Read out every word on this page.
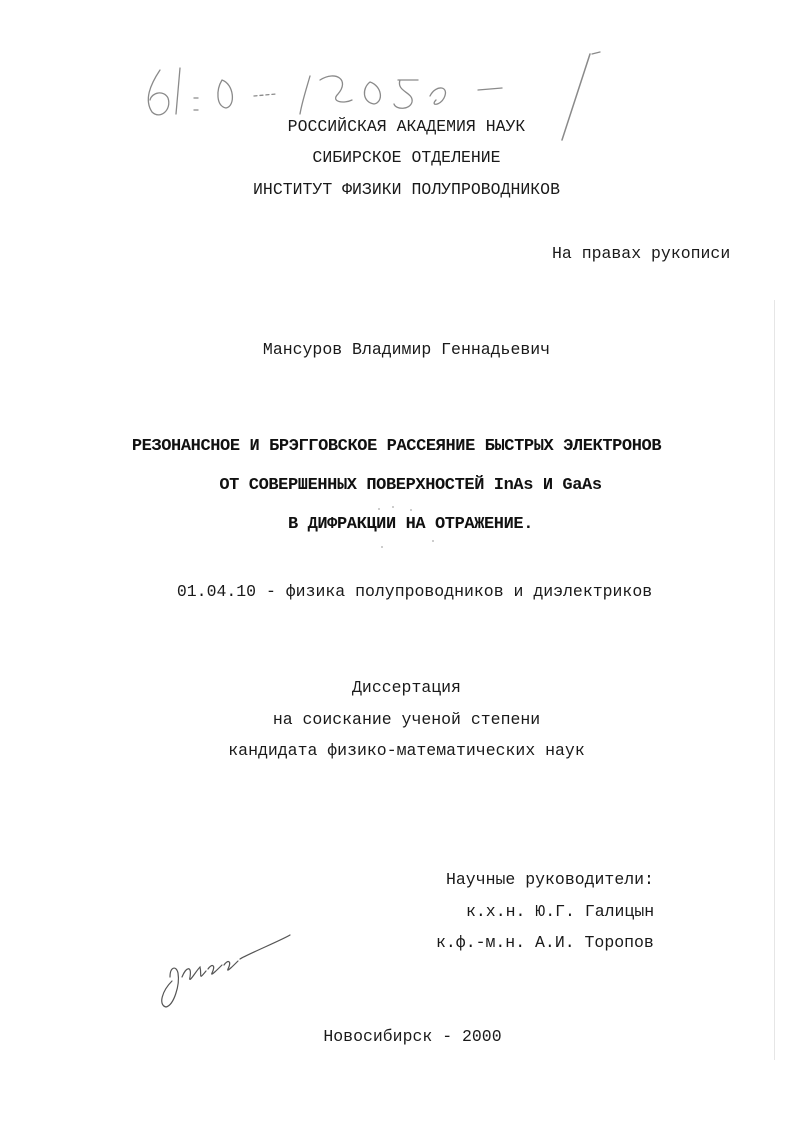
РОССИЙСКАЯ АКАДЕМИЯ НАУК
СИБИРСКОЕ ОТДЕЛЕНИЕ
ИНСТИТУТ ФИЗИКИ ПОЛУПРОВОДНИКОВ
На правах рукописи
Мансуров Владимир Геннадьевич
РЕЗОНАНСНОЕ И БРЭГГОВСКОЕ РАССЕЯНИЕ БЫСТРЫХ ЭЛЕКТРОНОВ
ОТ СОВЕРШЕННЫХ ПОВЕРХНОСТЕЙ InAs И GaAs
В ДИФРАКЦИИ НА ОТРАЖЕНИЕ.
01.04.10 - физика полупроводников и диэлектриков
Диссертация
на соискание ученой степени
кандидата физико-математических наук
Научные руководители:
к.х.н. Ю.Г. Галицын
к.ф.-м.н. А.И. Торопов
Новосибирск - 2000
